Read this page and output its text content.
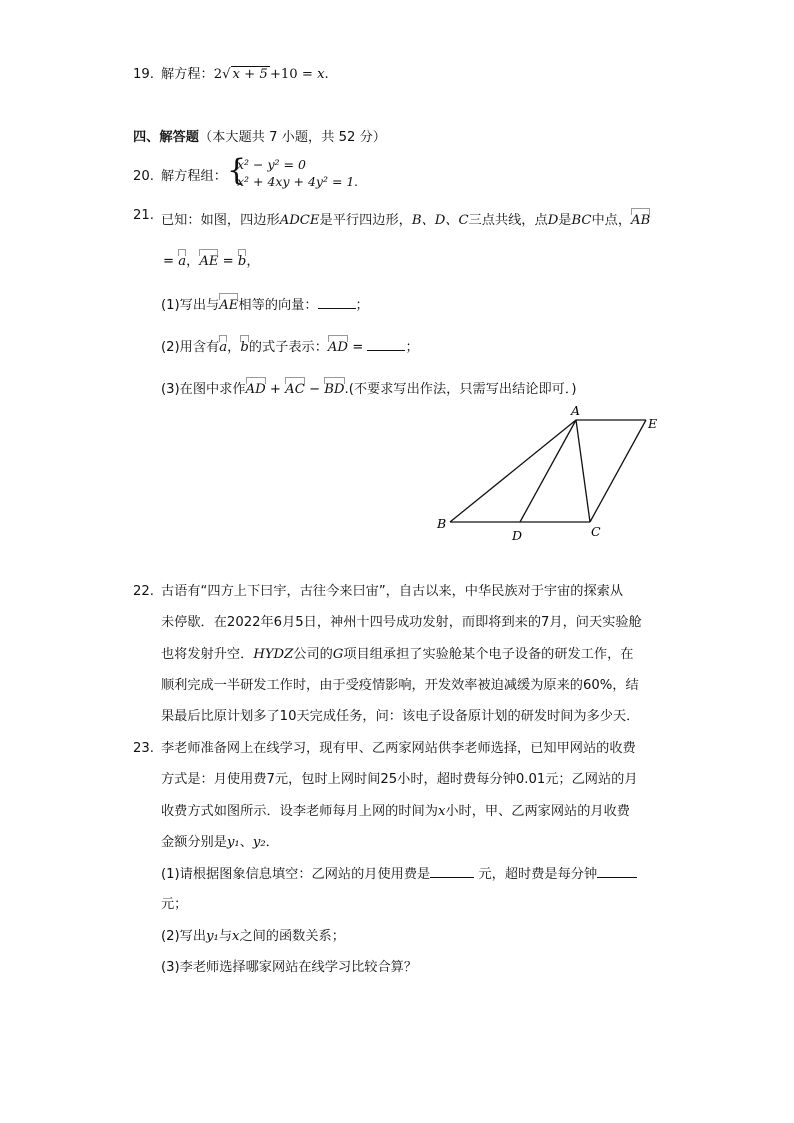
19. 解方程：2√ x + 5 +10 = x.
四、解答题（本大题共 7 小题，共 52 分）
20. 解方程组： {
x² − y² = 0
x² + 4xy + 4y² = 1 .
21. 已知：如图，四边形ADCE是平行四边形，B、D、C三点共线，点D是BC中点，AB
= a，AE = b，
(1)写出与AE相等的向量：	；
(2)用含有a，b的式子表示：AD =	；
(3)在图中求作AD + AC − BD.(不要求写出作法，只需写出结论即可．)
A
E
B
D	C
22. 古语有“四方上下曰宇，古往今来曰宙”，自古以来，中华民族对于宇宙的探索从
未停歇．在2022年6月5日，神州十四号成功发射，而即将到来的7月，问天实验舱
也将发射升空．HYDZ公司的G项目组承担了实验舱某个电子设备的研发工作，在
顺利完成一半研发工作时，由于受疫情影响，开发效率被迫减缓为原来的60%，结
果最后比原计划多了10天完成任务，问：该电子设备原计划的研发时间为多少天．
23. 李老师准备网上在线学习，现有甲、乙两家网站供李老师选择，已知甲网站的收费
方式是：月使用费7元，包时上网时间25小时，超时费每分钟0.01元；乙网站的月
收费方式如图所示．设李老师每月上网的时间为x小时，甲、乙两家网站的月收费
金额分别是y₁、y₂．
(1)请根据图象信息填空：乙网站的月使用费是	元，超时费是每分钟
元；
(2)写出y₁与x之间的函数关系；
(3)李老师选择哪家网站在线学习比较合算？
